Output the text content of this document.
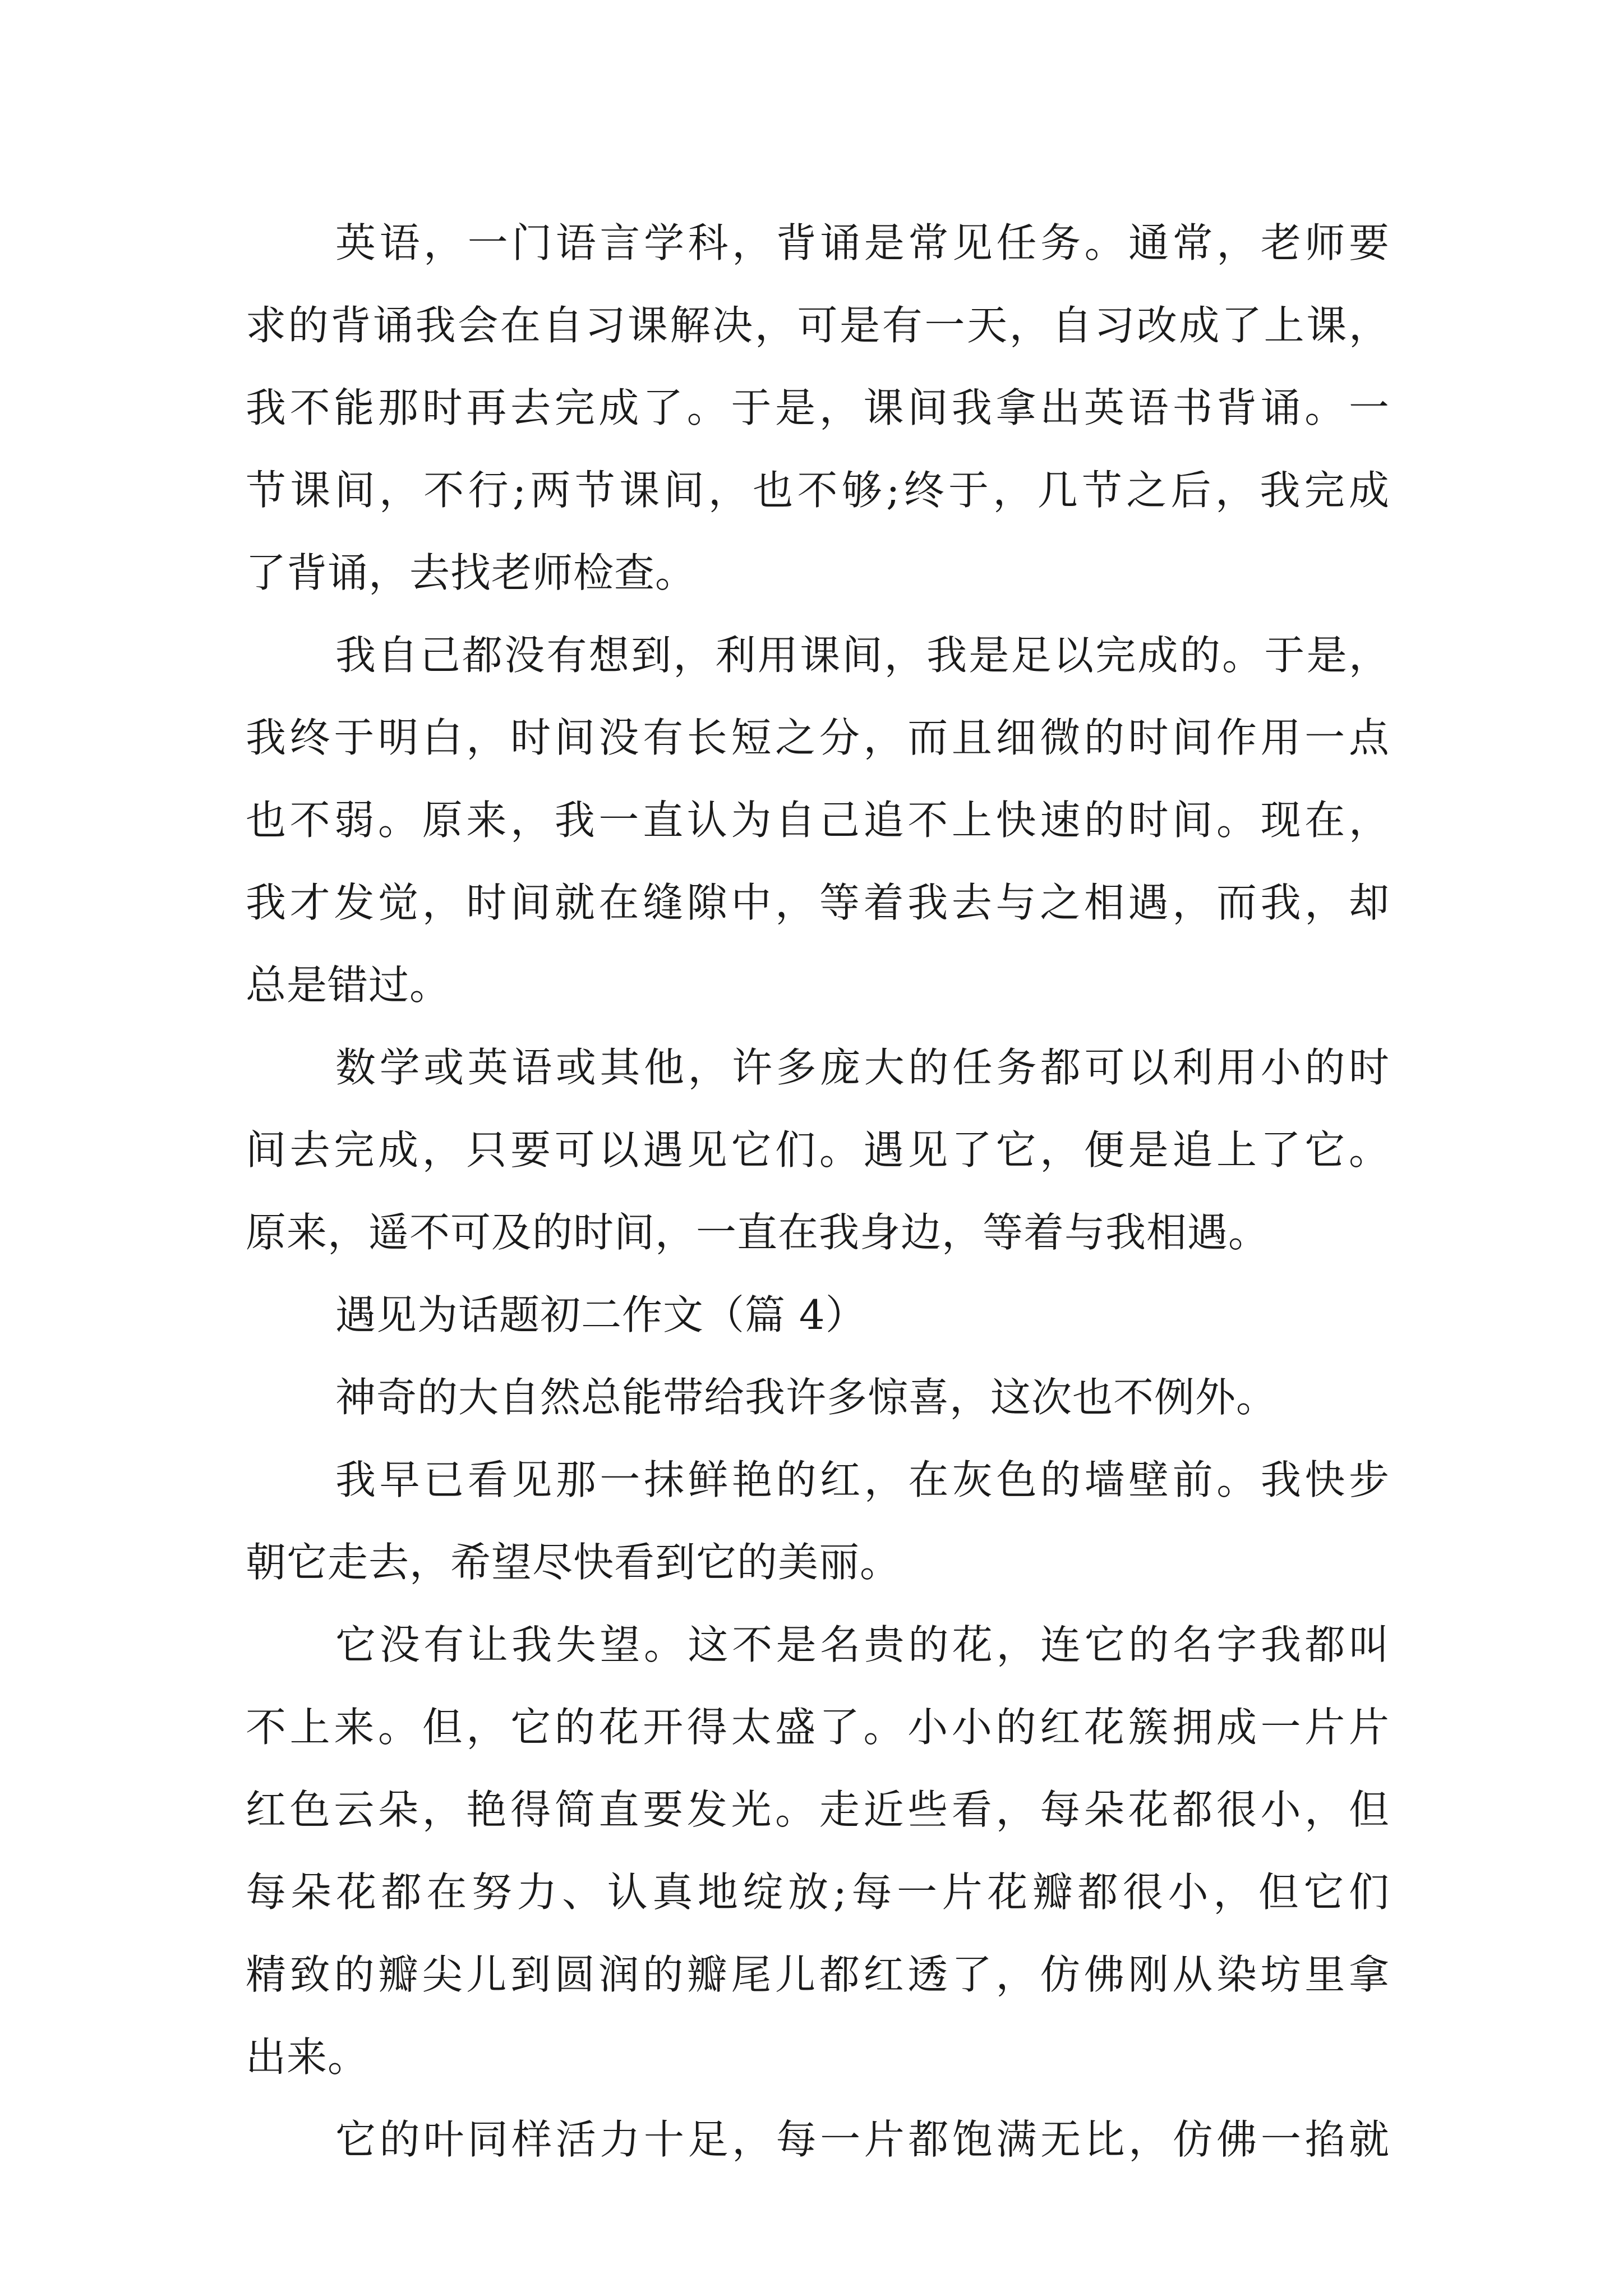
英语，一门语言学科，背诵是常见任务。通常，老师要
求的背诵我会在自习课解决，可是有一天，自习改成了上课，
我不能那时再去完成了。于是，课间我拿出英语书背诵。一
节课间，不行;两节课间，也不够;终于，几节之后，我完成
了背诵，去找老师检查。
我自己都没有想到，利用课间，我是足以完成的。于是，
我终于明白，时间没有长短之分，而且细微的时间作用一点
也不弱。原来，我一直认为自己追不上快速的时间。现在，
我才发觉，时间就在缝隙中，等着我去与之相遇，而我，却
总是错过。
数学或英语或其他，许多庞大的任务都可以利用小的时
间去完成，只要可以遇见它们。遇见了它，便是追上了它。
原来，遥不可及的时间，一直在我身边，等着与我相遇。
遇见为话题初二作文（篇 4）
神奇的大自然总能带给我许多惊喜，这次也不例外。
我早已看见那一抹鲜艳的红，在灰色的墙壁前。我快步
朝它走去，希望尽快看到它的美丽。
它没有让我失望。这不是名贵的花，连它的名字我都叫
不上来。但，它的花开得太盛了。小小的红花簇拥成一片片
红色云朵，艳得简直要发光。走近些看，每朵花都很小，但
每朵花都在努力、认真地绽放;每一片花瓣都很小，但它们
精致的瓣尖儿到圆润的瓣尾儿都红透了，仿佛刚从染坊里拿
出来。
它的叶同样活力十足，每一片都饱满无比，仿佛一掐就
